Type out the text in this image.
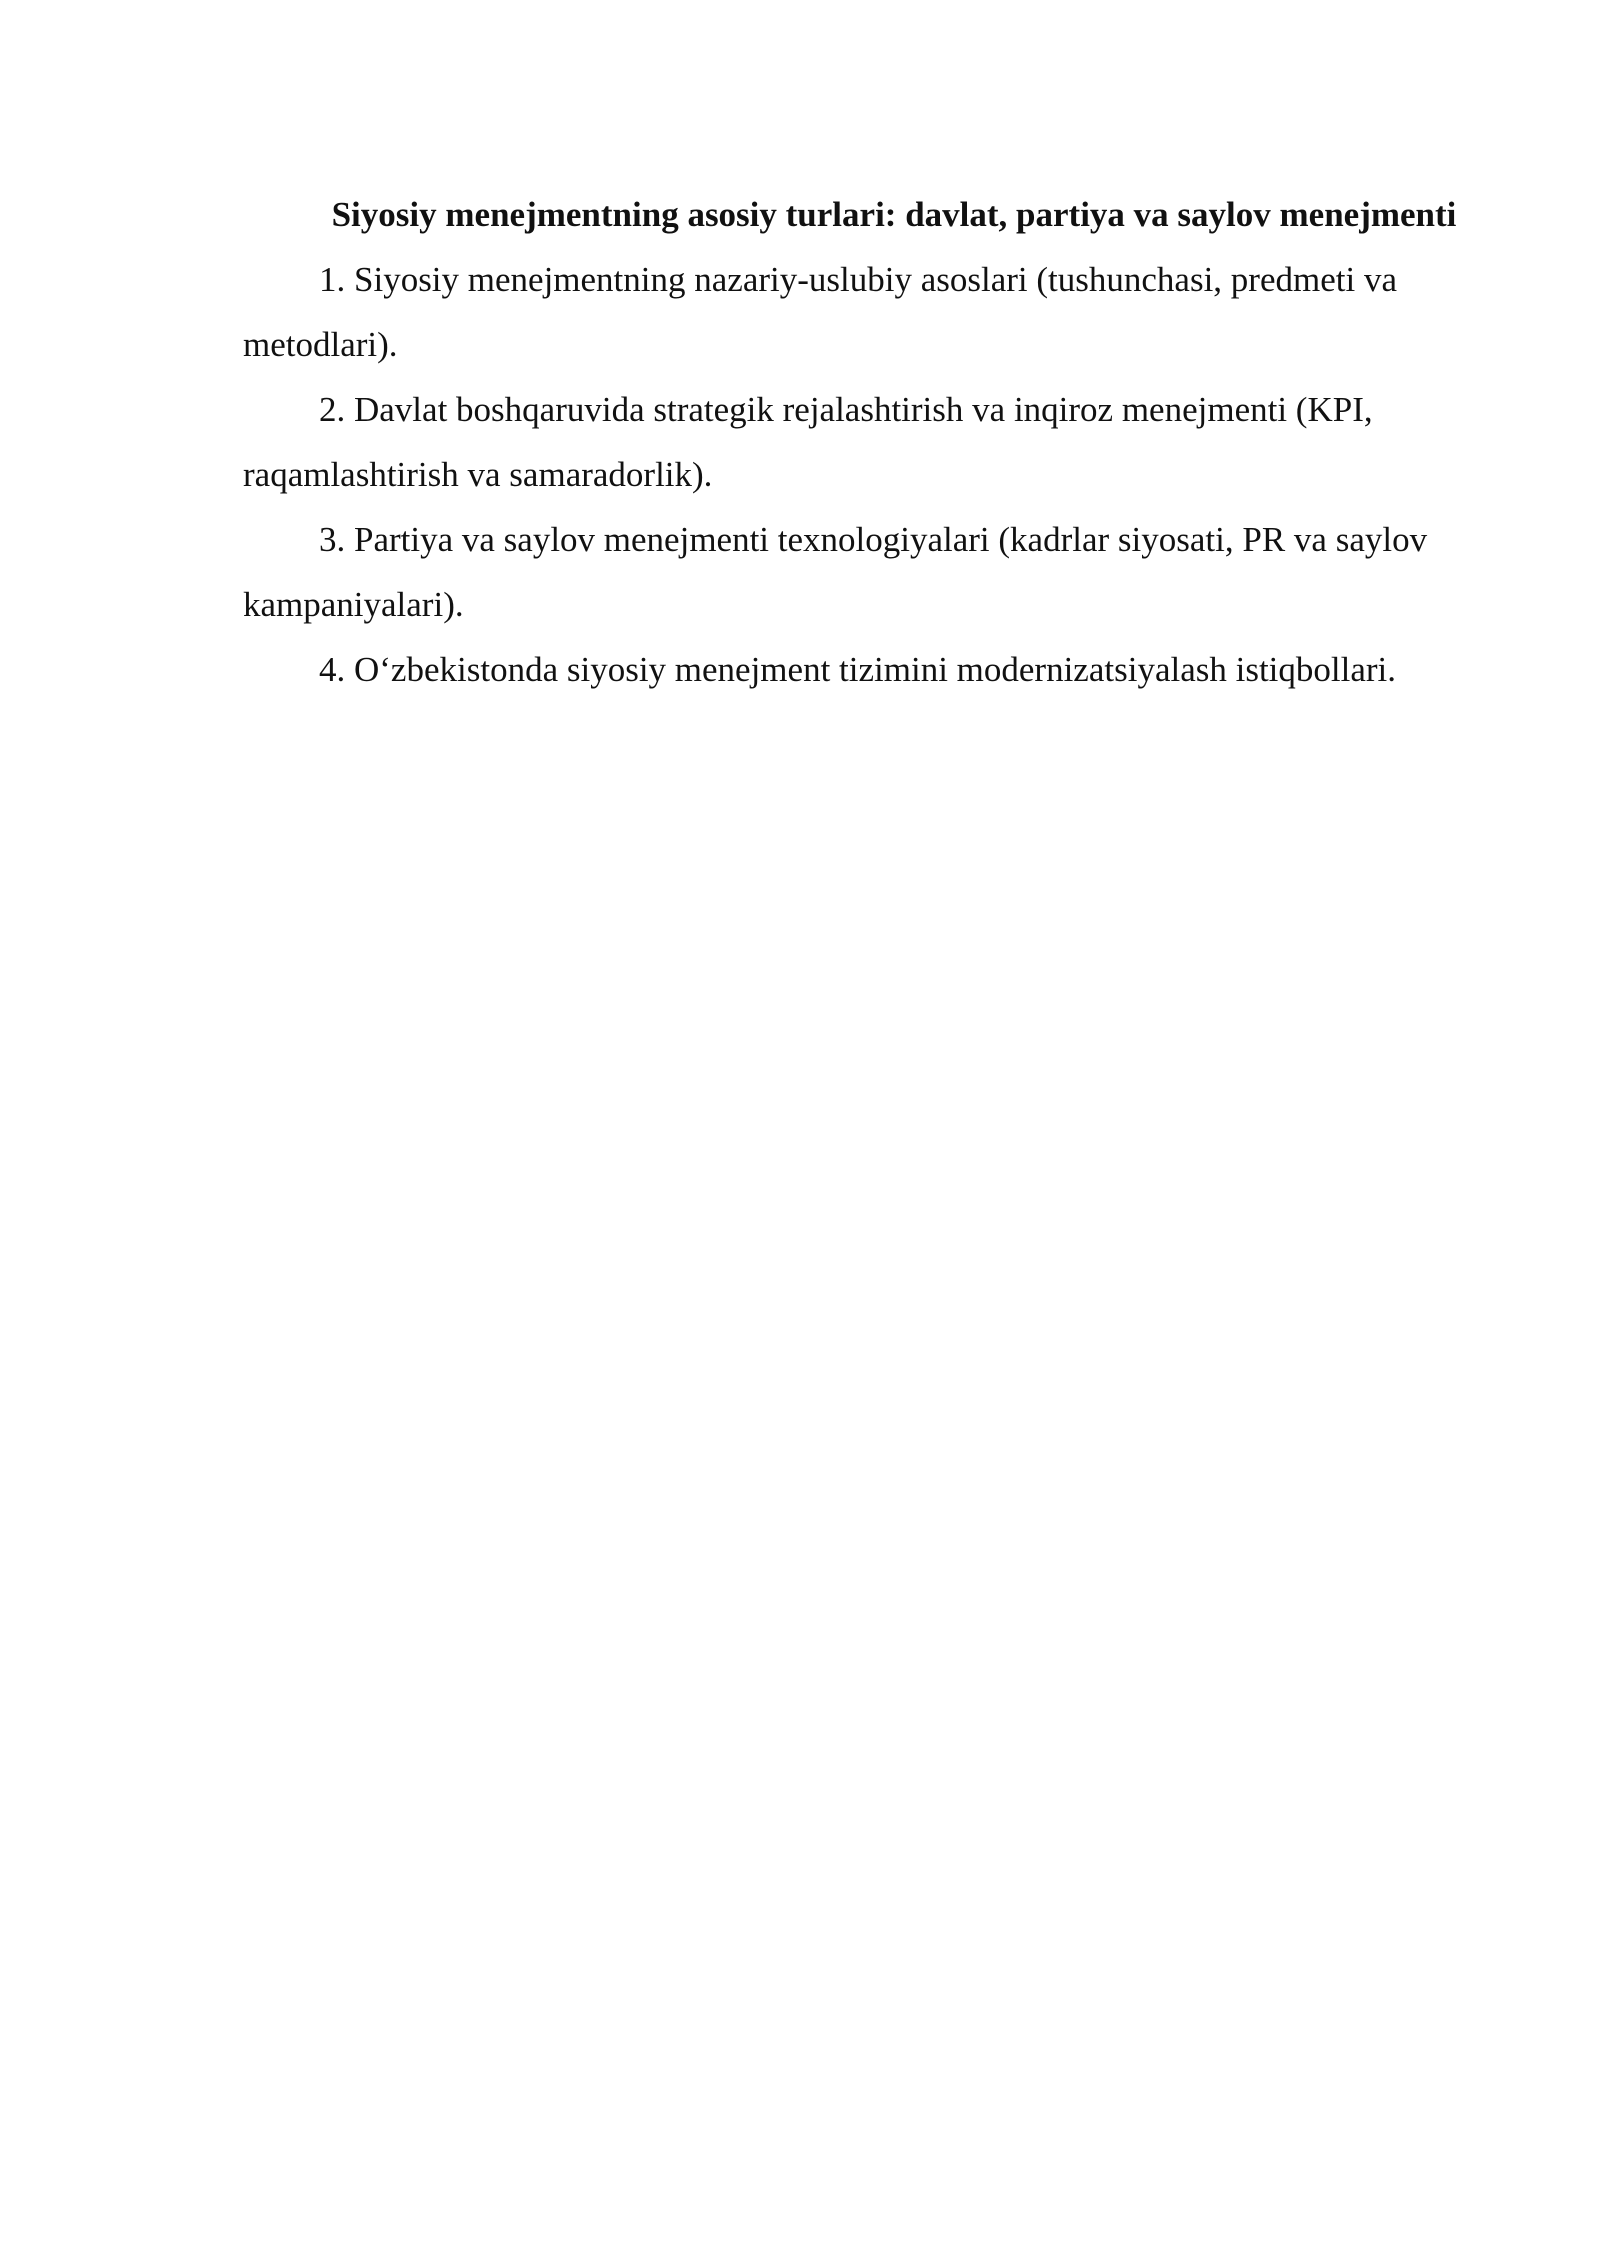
Siyosiy menejmentning asosiy turlari: davlat, partiya va saylov menejmenti

1. Siyosiy menejmentning nazariy-uslubiy asoslari (tushunchasi, predmeti va metodlari).

2. Davlat boshqaruvida strategik rejalashtirish va inqiroz menejmenti (KPI, raqamlashtirish va samaradorlik).

3. Partiya va saylov menejmenti texnologiyalari (kadrlar siyosati, PR va saylov kampaniyalari).

4. O‘zbekistonda siyosiy menejment tizimini modernizatsiyalash istiqbollari.
